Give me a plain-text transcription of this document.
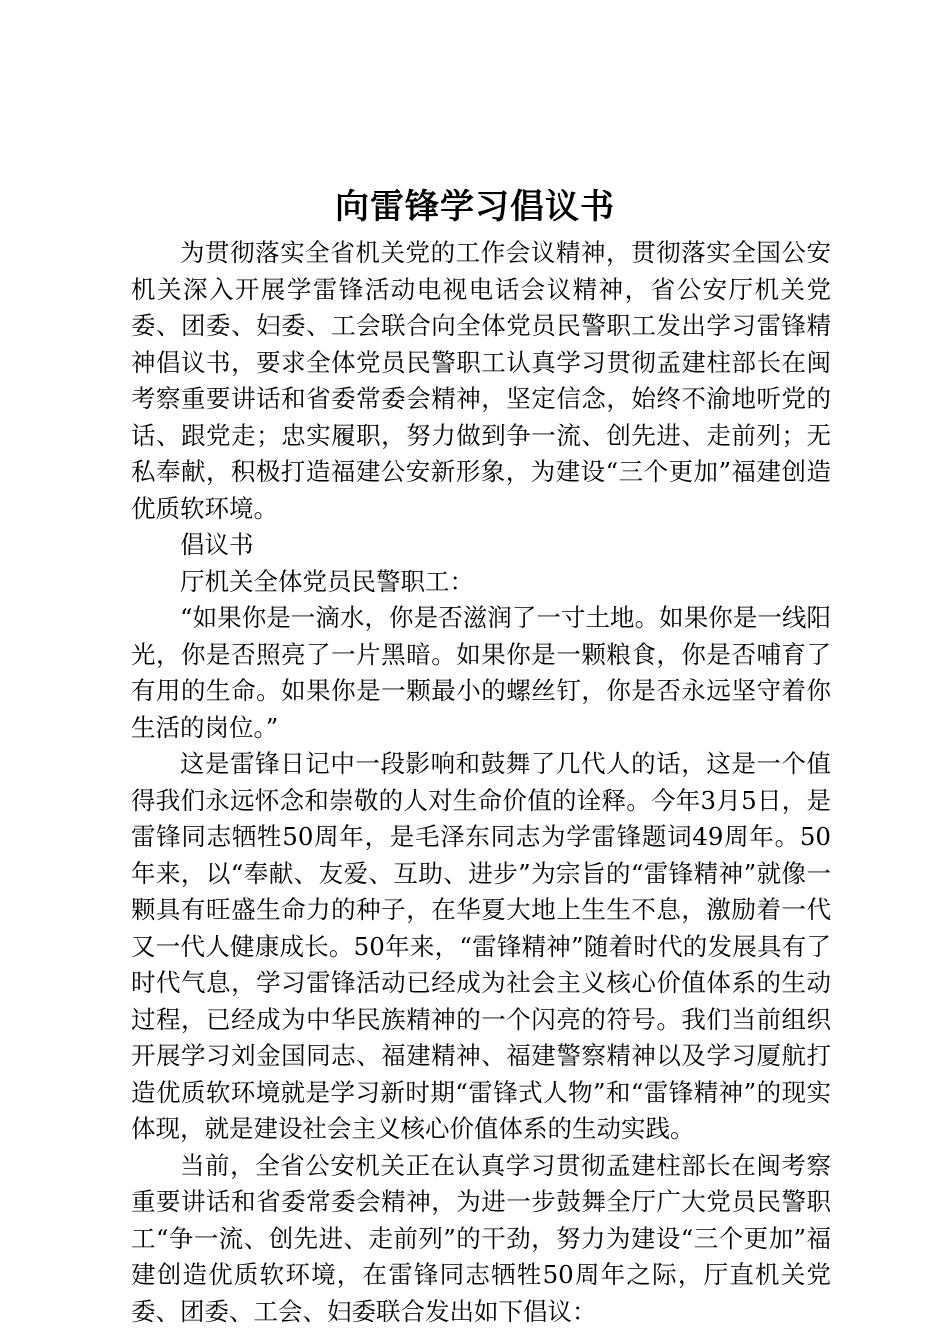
向雷锋学习倡议书

为贯彻落实全省机关党的工作会议精神，贯彻落实全国公安机关深入开展学雷锋活动电视电话会议精神，省公安厅机关党委、团委、妇委、工会联合向全体党员民警职工发出学习雷锋精神倡议书，要求全体党员民警职工认真学习贯彻孟建柱部长在闽考察重要讲话和省委常委会精神，坚定信念，始终不渝地听党的话、跟党走；忠实履职，努力做到争一流、创先进、走前列；无私奉献，积极打造福建公安新形象，为建设“三个更加”福建创造优质软环境。

倡议书

厅机关全体党员民警职工：

“如果你是一滴水，你是否滋润了一寸土地。如果你是一线阳光，你是否照亮了一片黑暗。如果你是一颗粮食，你是否哺育了有用的生命。如果你是一颗最小的螺丝钉，你是否永远坚守着你生活的岗位。”

这是雷锋日记中一段影响和鼓舞了几代人的话，这是一个值得我们永远怀念和崇敬的人对生命价值的诠释。今年3月5日，是雷锋同志牺牲50周年，是毛泽东同志为学雷锋题词49周年。50年来，以“奉献、友爱、互助、进步”为宗旨的“雷锋精神”就像一颗具有旺盛生命力的种子，在华夏大地上生生不息，激励着一代又一代人健康成长。50年来，“雷锋精神”随着时代的发展具有了时代气息，学习雷锋活动已经成为社会主义核心价值体系的生动过程，已经成为中华民族精神的一个闪亮的符号。我们当前组织开展学习刘金国同志、福建精神、福建警察精神以及学习厦航打造优质软环境就是学习新时期“雷锋式人物”和“雷锋精神”的现实体现，就是建设社会主义核心价值体系的生动实践。

当前，全省公安机关正在认真学习贯彻孟建柱部长在闽考察重要讲话和省委常委会精神，为进一步鼓舞全厅广大党员民警职工“争一流、创先进、走前列”的干劲，努力为建设“三个更加”福建创造优质软环境，在雷锋同志牺牲50周年之际，厅直机关党委、团委、工会、妇委联合发出如下倡议：
